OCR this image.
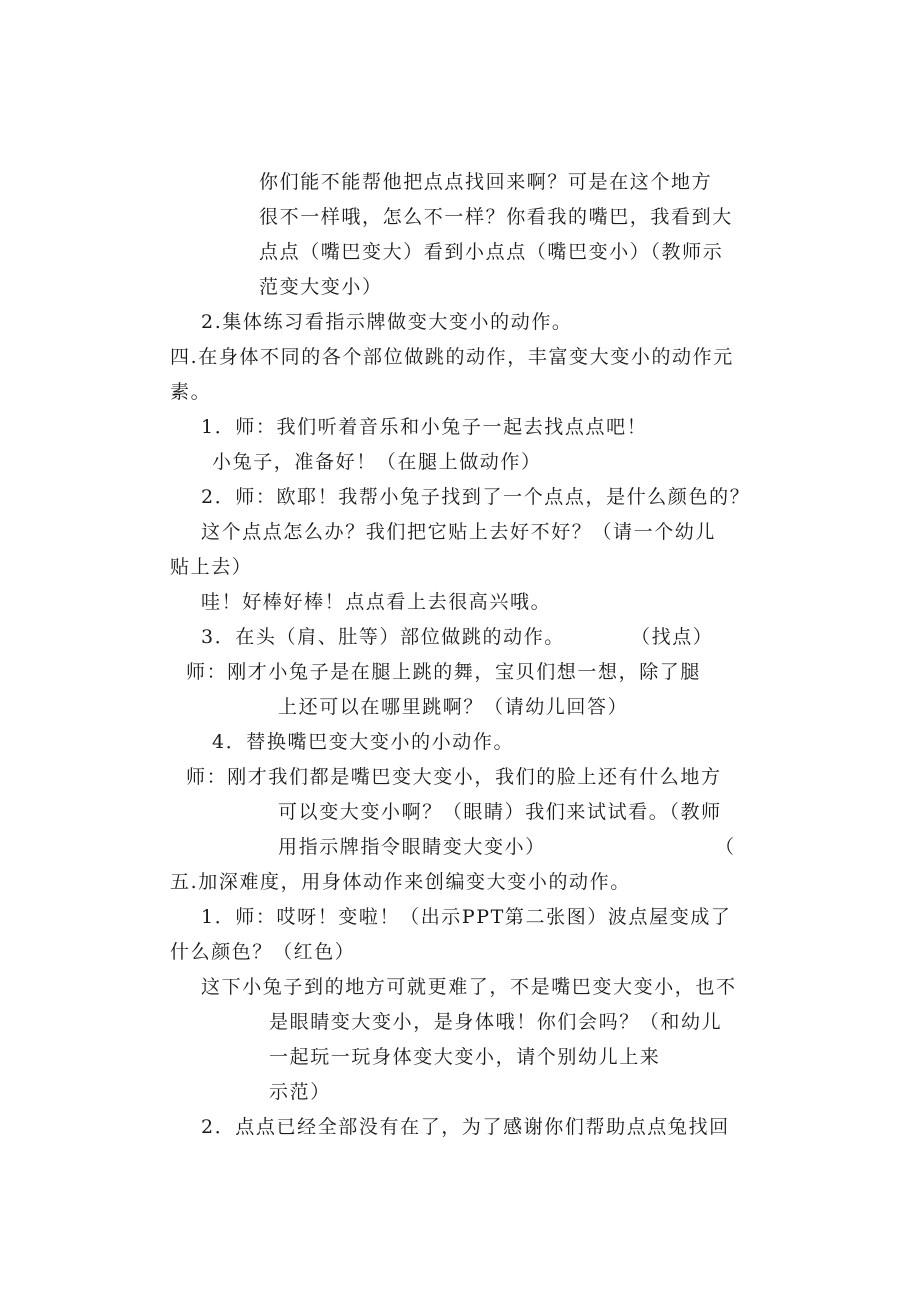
你们能不能帮他把点点找回来啊？可是在这个地方
很不一样哦，怎么不一样？你看我的嘴巴，我看到大
点点（嘴巴变大）看到小点点（嘴巴变小）（教师示
范变大变小）
2.集体练习看指示牌做变大变小的动作。
四.在身体不同的各个部位做跳的动作，丰富变大变小的动作元
素。
1．师：我们听着音乐和小兔子一起去找点点吧！
小兔子，准备好！（在腿上做动作）
2．师：欧耶！我帮小兔子找到了一个点点，是什么颜色的？
这个点点怎么办？我们把它贴上去好不好？（请一个幼儿
贴上去）
哇！好棒好棒！点点看上去很高兴哦。
3．在头（肩、肚等）部位做跳的动作。	（找点）
师：刚才小兔子是在腿上跳的舞，宝贝们想一想，除了腿
上还可以在哪里跳啊？（请幼儿回答）
4．替换嘴巴变大变小的小动作。
师：刚才我们都是嘴巴变大变小，我们的脸上还有什么地方
可以变大变小啊？（眼睛）我们来试试看。（教师
用指示牌指令眼睛变大变小）	（
五.加深难度，用身体动作来创编变大变小的动作。
1．师：哎呀！变啦！（出示PPT第二张图）波点屋变成了
什么颜色？（红色）
这下小兔子到的地方可就更难了，不是嘴巴变大变小，也不
是眼睛变大变小，是身体哦！你们会吗？（和幼儿
一起玩一玩身体变大变小，请个别幼儿上来
示范）
2．点点已经全部没有在了，为了感谢你们帮助点点兔找回
